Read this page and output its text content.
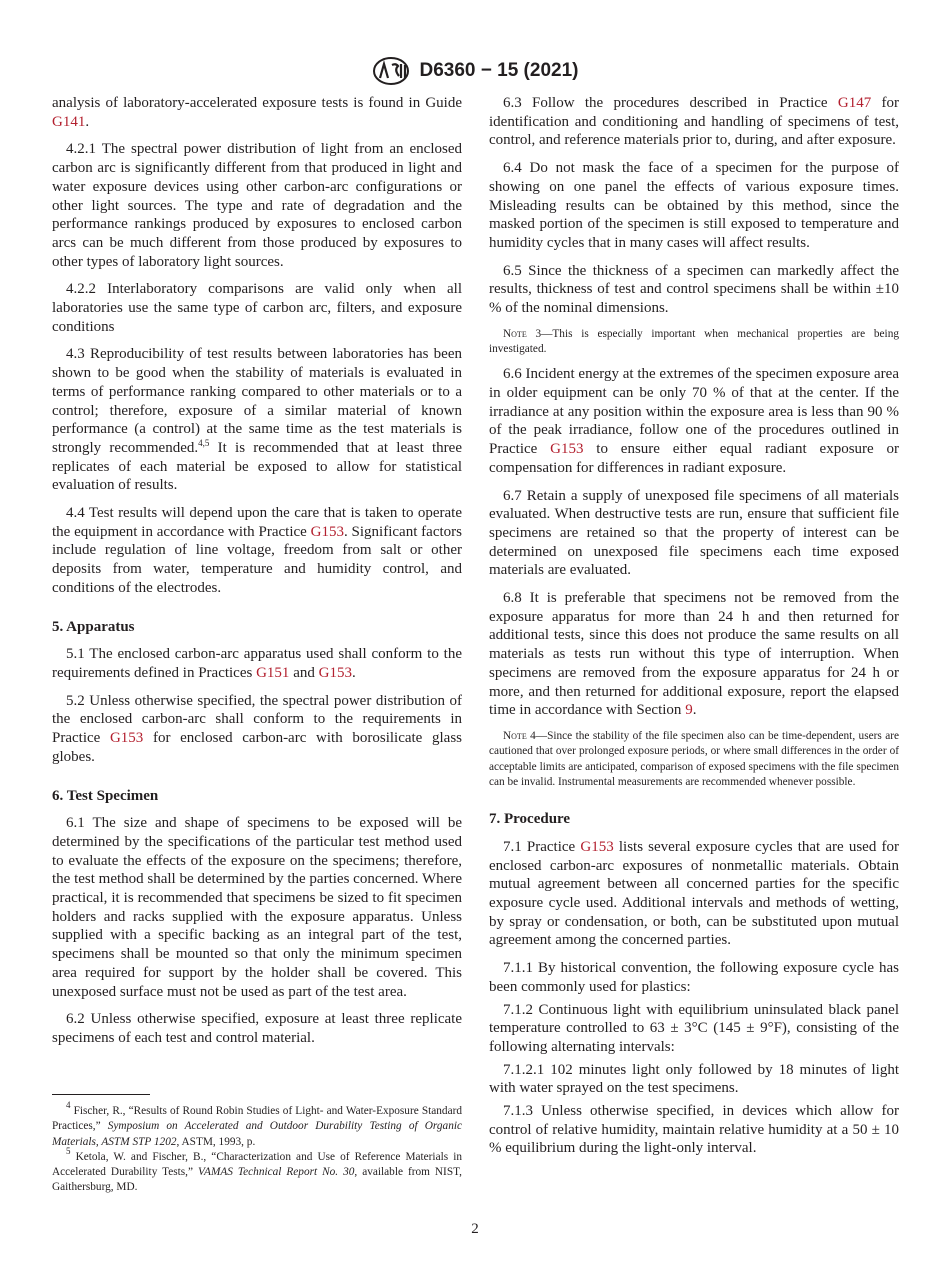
D6360 − 15 (2021)
analysis of laboratory-accelerated exposure tests is found in Guide G141.
4.2.1 The spectral power distribution of light from an enclosed carbon arc is significantly different from that produced in light and water exposure devices using other carbon-arc configurations or other light sources. The type and rate of degradation and the performance rankings produced by exposures to enclosed carbon arcs can be much different from those produced by exposures to other types of laboratory light sources.
4.2.2 Interlaboratory comparisons are valid only when all laboratories use the same type of carbon arc, filters, and exposure conditions
4.3 Reproducibility of test results between laboratories has been shown to be good when the stability of materials is evaluated in terms of performance ranking compared to other materials or to a control; therefore, exposure of a similar material of known performance (a control) at the same time as the test materials is strongly recommended.$^{4,5}$ It is recommended that at least three replicates of each material be exposed to allow for statistical evaluation of results.
4.4 Test results will depend upon the care that is taken to operate the equipment in accordance with Practice G153. Significant factors include regulation of line voltage, freedom from salt or other deposits from water, temperature and humidity control, and conditions of the electrodes.
5. Apparatus
5.1 The enclosed carbon-arc apparatus used shall conform to the requirements defined in Practices G151 and G153.
5.2 Unless otherwise specified, the spectral power distribution of the enclosed carbon-arc shall conform to the requirements in Practice G153 for enclosed carbon-arc with borosilicate glass globes.
6. Test Specimen
6.1 The size and shape of specimens to be exposed will be determined by the specifications of the particular test method used to evaluate the effects of the exposure on the specimens; therefore, the test method shall be determined by the parties concerned. Where practical, it is recommended that specimens be sized to fit specimen holders and racks supplied with the exposure apparatus. Unless supplied with a specific backing as an integral part of the test, specimens shall be mounted so that only the minimum specimen area required for support by the holder shall be covered. This unexposed surface must not be used as part of the test area.
6.2 Unless otherwise specified, exposure at least three replicate specimens of each test and control material.
6.3 Follow the procedures described in Practice G147 for identification and conditioning and handling of specimens of test, control, and reference materials prior to, during, and after exposure.
6.4 Do not mask the face of a specimen for the purpose of showing on one panel the effects of various exposure times. Misleading results can be obtained by this method, since the masked portion of the specimen is still exposed to temperature and humidity cycles that in many cases will affect results.
6.5 Since the thickness of a specimen can markedly affect the results, thickness of test and control specimens shall be within ±10 % of the nominal dimensions.
Note 3—This is especially important when mechanical properties are being investigated.
6.6 Incident energy at the extremes of the specimen exposure area in older equipment can be only 70 % of that at the center. If the irradiance at any position within the exposure area is less than 90 % of the peak irradiance, follow one of the procedures outlined in Practice G153 to ensure either equal radiant exposure or compensation for differences in radiant exposure.
6.7 Retain a supply of unexposed file specimens of all materials evaluated. When destructive tests are run, ensure that sufficient file specimens are retained so that the property of interest can be determined on unexposed file specimens each time exposed materials are evaluated.
6.8 It is preferable that specimens not be removed from the exposure apparatus for more than 24 h and then returned for additional tests, since this does not produce the same results on all materials as tests run without this type of interruption. When specimens are removed from the exposure apparatus for 24 h or more, and then returned for additional exposure, report the elapsed time in accordance with Section 9.
Note 4—Since the stability of the file specimen also can be time-dependent, users are cautioned that over prolonged exposure periods, or where small differences in the order of acceptable limits are anticipated, comparison of exposed specimens with the file specimen can be invalid. Instrumental measurements are recommended whenever possible.
7. Procedure
7.1 Practice G153 lists several exposure cycles that are used for enclosed carbon-arc exposures of nonmetallic materials. Obtain mutual agreement between all concerned parties for the specific exposure cycle used. Additional intervals and methods of wetting, by spray or condensation, or both, can be substituted upon mutual agreement among the concerned parties.
7.1.1 By historical convention, the following exposure cycle has been commonly used for plastics:
7.1.2 Continuous light with equilibrium uninsulated black panel temperature controlled to 63 ± 3°C (145 ± 9°F), consisting of the following alternating intervals:
7.1.2.1 102 minutes light only followed by 18 minutes of light with water sprayed on the test specimens.
7.1.3 Unless otherwise specified, in devices which allow for control of relative humidity, maintain relative humidity at a 50 ± 10 % equilibrium during the light-only interval.
$^4$ Fischer, R., “Results of Round Robin Studies of Light- and Water-Exposure Standard Practices,” Symposium on Accelerated and Outdoor Durability Testing of Organic Materials, ASTM STP 1202, ASTM, 1993, p.
$^5$ Ketola, W. and Fischer, B., “Characterization and Use of Reference Materials in Accelerated Durability Tests,” VAMAS Technical Report No. 30, available from NIST, Gaithersburg, MD.
2
